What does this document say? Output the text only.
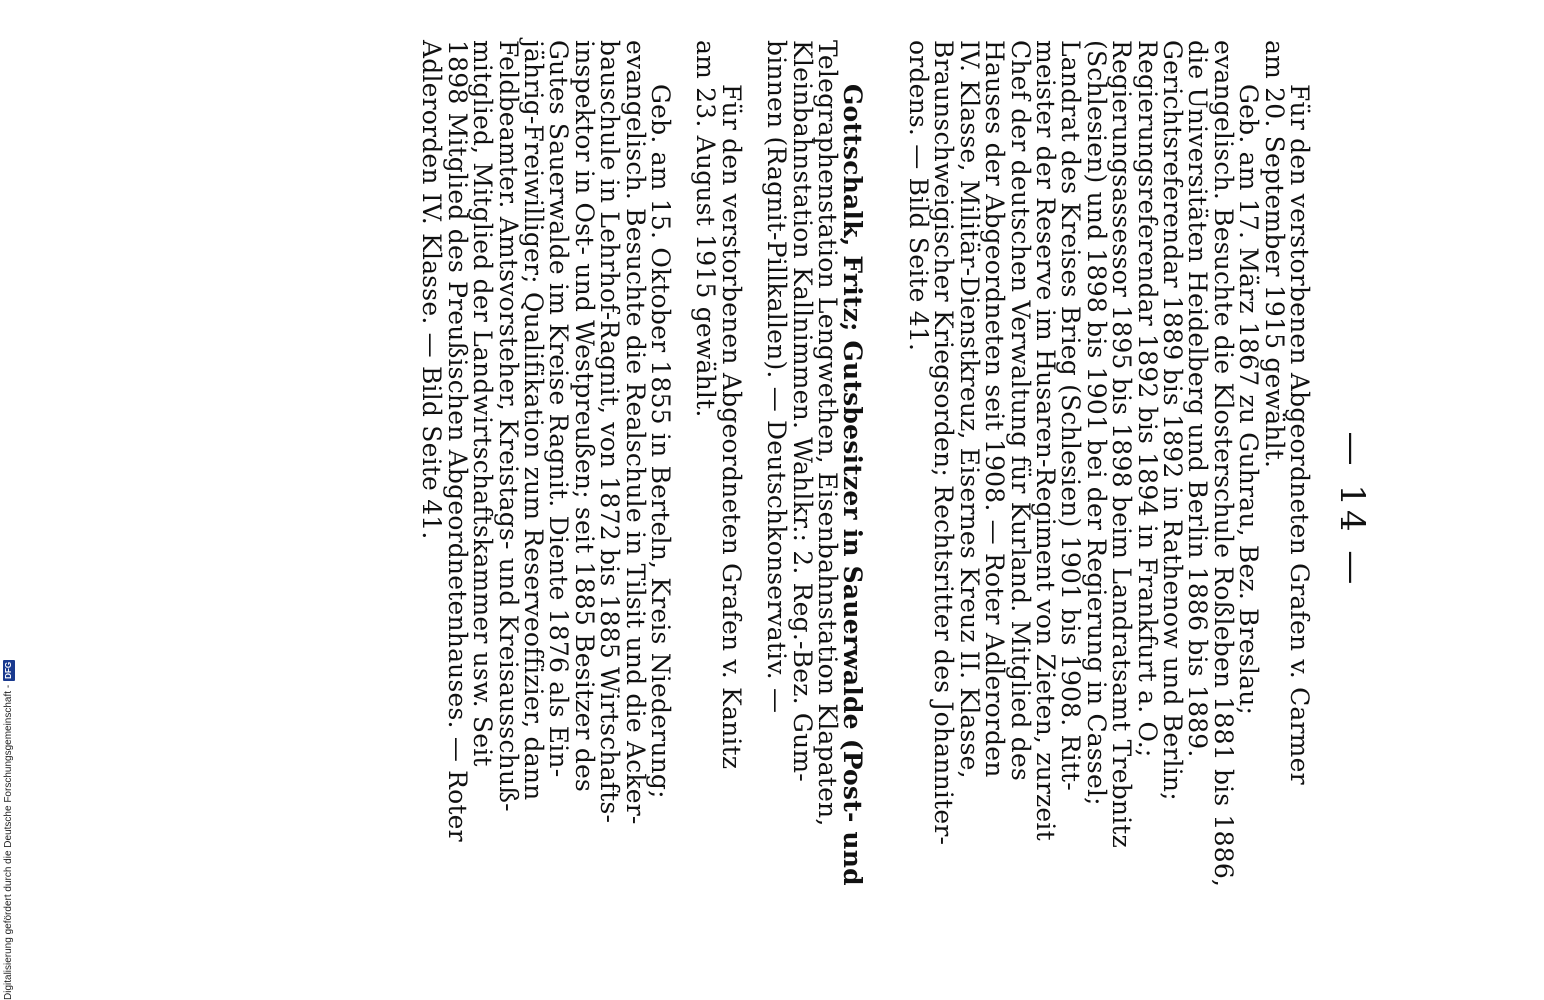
— 14 —

Für den verstorbenen Abgeordneten Grafen v. Carmer

am 20. September 1915 gewählt.

Geb. am 17. März 1867 zu Guhrau, Bez. Breslau;

evangelisch. Besuchte die Klosterschule Roßleben 1881 bis 1886,

die Universitäten Heidelberg und Berlin 1886 bis 1889.

Gerichtsreferendar 1889 bis 1892 in Rathenow und Berlin;

Regierungsreferendar 1892 bis 1894 in Frankfurt a. O.;

Regierungsassessor 1895 bis 1898 beim Landratsamt Trebnitz

(Schlesien) und 1898 bis 1901 bei der Regierung in Cassel;

Landrat des Kreises Brieg (Schlesien) 1901 bis 1908. Ritt-

meister der Reserve im Husaren-Regiment von Zieten, zurzeit

Chef der deutschen Verwaltung für Kurland. Mitglied des

Hauses der Abgeordneten seit 1908. — Roter Adlerorden

IV. Klasse, Militär-Dienstkreuz, Eisernes Kreuz II. Klasse,

Braunschweigischer Kriegsorden; Rechtsritter des Johanniter-

ordens. — Bild Seite 41.

Gottschalk, Fritz; Gutsbesitzer in Sauerwalde (Post- und

Telegraphenstation Lengwethen, Eisenbahnstation Klapaten,

Kleinbahnstation Kallnimmen. Wahlkr.: 2. Reg.-Bez. Gum-

binnen (Ragnit-Pillkallen). — Deutschkonservativ. —

Für den verstorbenen Abgeordneten Grafen v. Kanitz

am 23. August 1915 gewählt.

Geb. am 15. Oktober 1855 in Berteln, Kreis Niederung;

evangelisch. Besuchte die Realschule in Tilsit und die Acker-

bauschule in Lehrhof-Ragnit, von 1872 bis 1885 Wirtschafts-

inspektor in Ost- und Westpreußen; seit 1885 Besitzer des

Gutes Sauerwalde im Kreise Ragnit. Diente 1876 als Ein-

jährig-Freiwilliger; Qualifikation zum Reserveoffizier, dann

Feldbeamter. Amtsvorsteher, Kreistags- und Kreisausschuß-

mitglied, Mitglied der Landwirtschaftskammer usw. Seit

1898 Mitglied des Preußischen Abgeordnetenhauses. — Roter

Adlerorden IV. Klasse. — Bild Seite 41.

Digitalisierung gefördert durch die Deutsche Forschungsgemeinschaft -
DFG
